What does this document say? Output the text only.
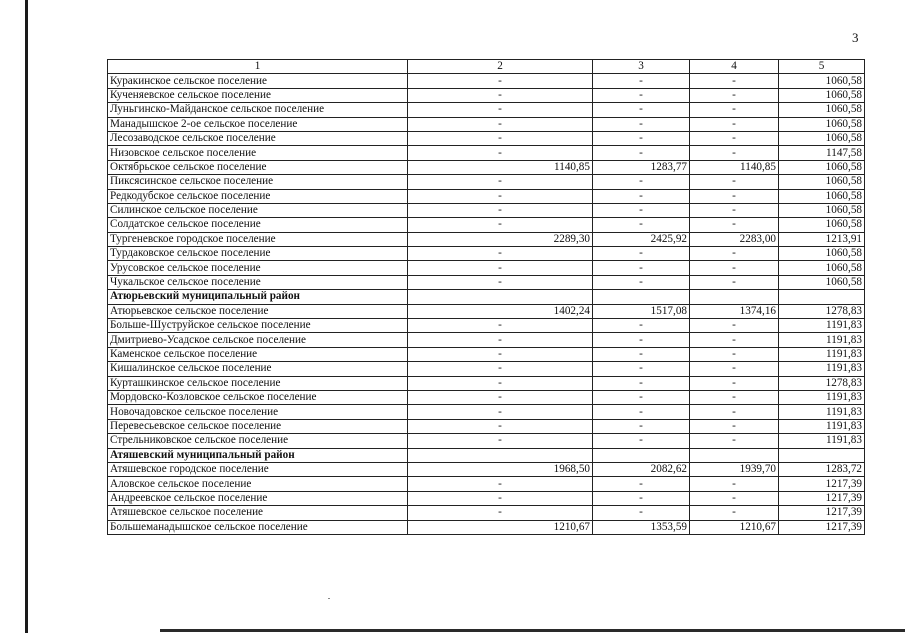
3
1	2	3	4	5
Куракинское сельское поселение	-	-	-	1060,58
Кученяевское сельское поселение	-	-	-	1060,58
Луньгинско-Майданское сельское поселение	-	-	-	1060,58
Манадышское 2-ое сельское поселение	-	-	-	1060,58
Лесозаводское сельское поселение	-	-	-	1060,58
Низовское сельское поселение	-	-	-	1147,58
Октябрьское сельское поселение	1140,85	1283,77	1140,85	1060,58
Пиксясинское сельское поселение	-	-	-	1060,58
Редкодубское сельское поселение	-	-	-	1060,58
Силинское сельское поселение	-	-	-	1060,58
Солдатское сельское поселение	-	-	-	1060,58
Тургеневское городское поселение	2289,30	2425,92	2283,00	1213,91
Турдаковское сельское поселение	-	-	-	1060,58
Урусовское сельское поселение	-	-	-	1060,58
Чукальское сельское поселение	-	-	-	1060,58
Атюрьевский муниципальный район				
Атюрьевское сельское поселение	1402,24	1517,08	1374,16	1278,83
Больше-Шуструйское сельское поселение	-	-	-	1191,83
Дмитриево-Усадское сельское поселение	-	-	-	1191,83
Каменское сельское поселение	-	-	-	1191,83
Кишалинское сельское поселение	-	-	-	1191,83
Курташкинское сельское поселение	-	-	-	1278,83
Мордовско-Козловское сельское поселение	-	-	-	1191,83
Новочадовское сельское поселение	-	-	-	1191,83
Перевесьевское сельское поселение	-	-	-	1191,83
Стрельниковское сельское поселение	-	-	-	1191,83
Атяшевский муниципальный район				
Атяшевское городское поселение	1968,50	2082,62	1939,70	1283,72
Аловское сельское поселение	-	-	-	1217,39
Андреевское сельское поселение	-	-	-	1217,39
Атяшевское сельское поселение	-	-	-	1217,39
Большеманадышское сельское поселение	1210,67	1353,59	1210,67	1217,39
